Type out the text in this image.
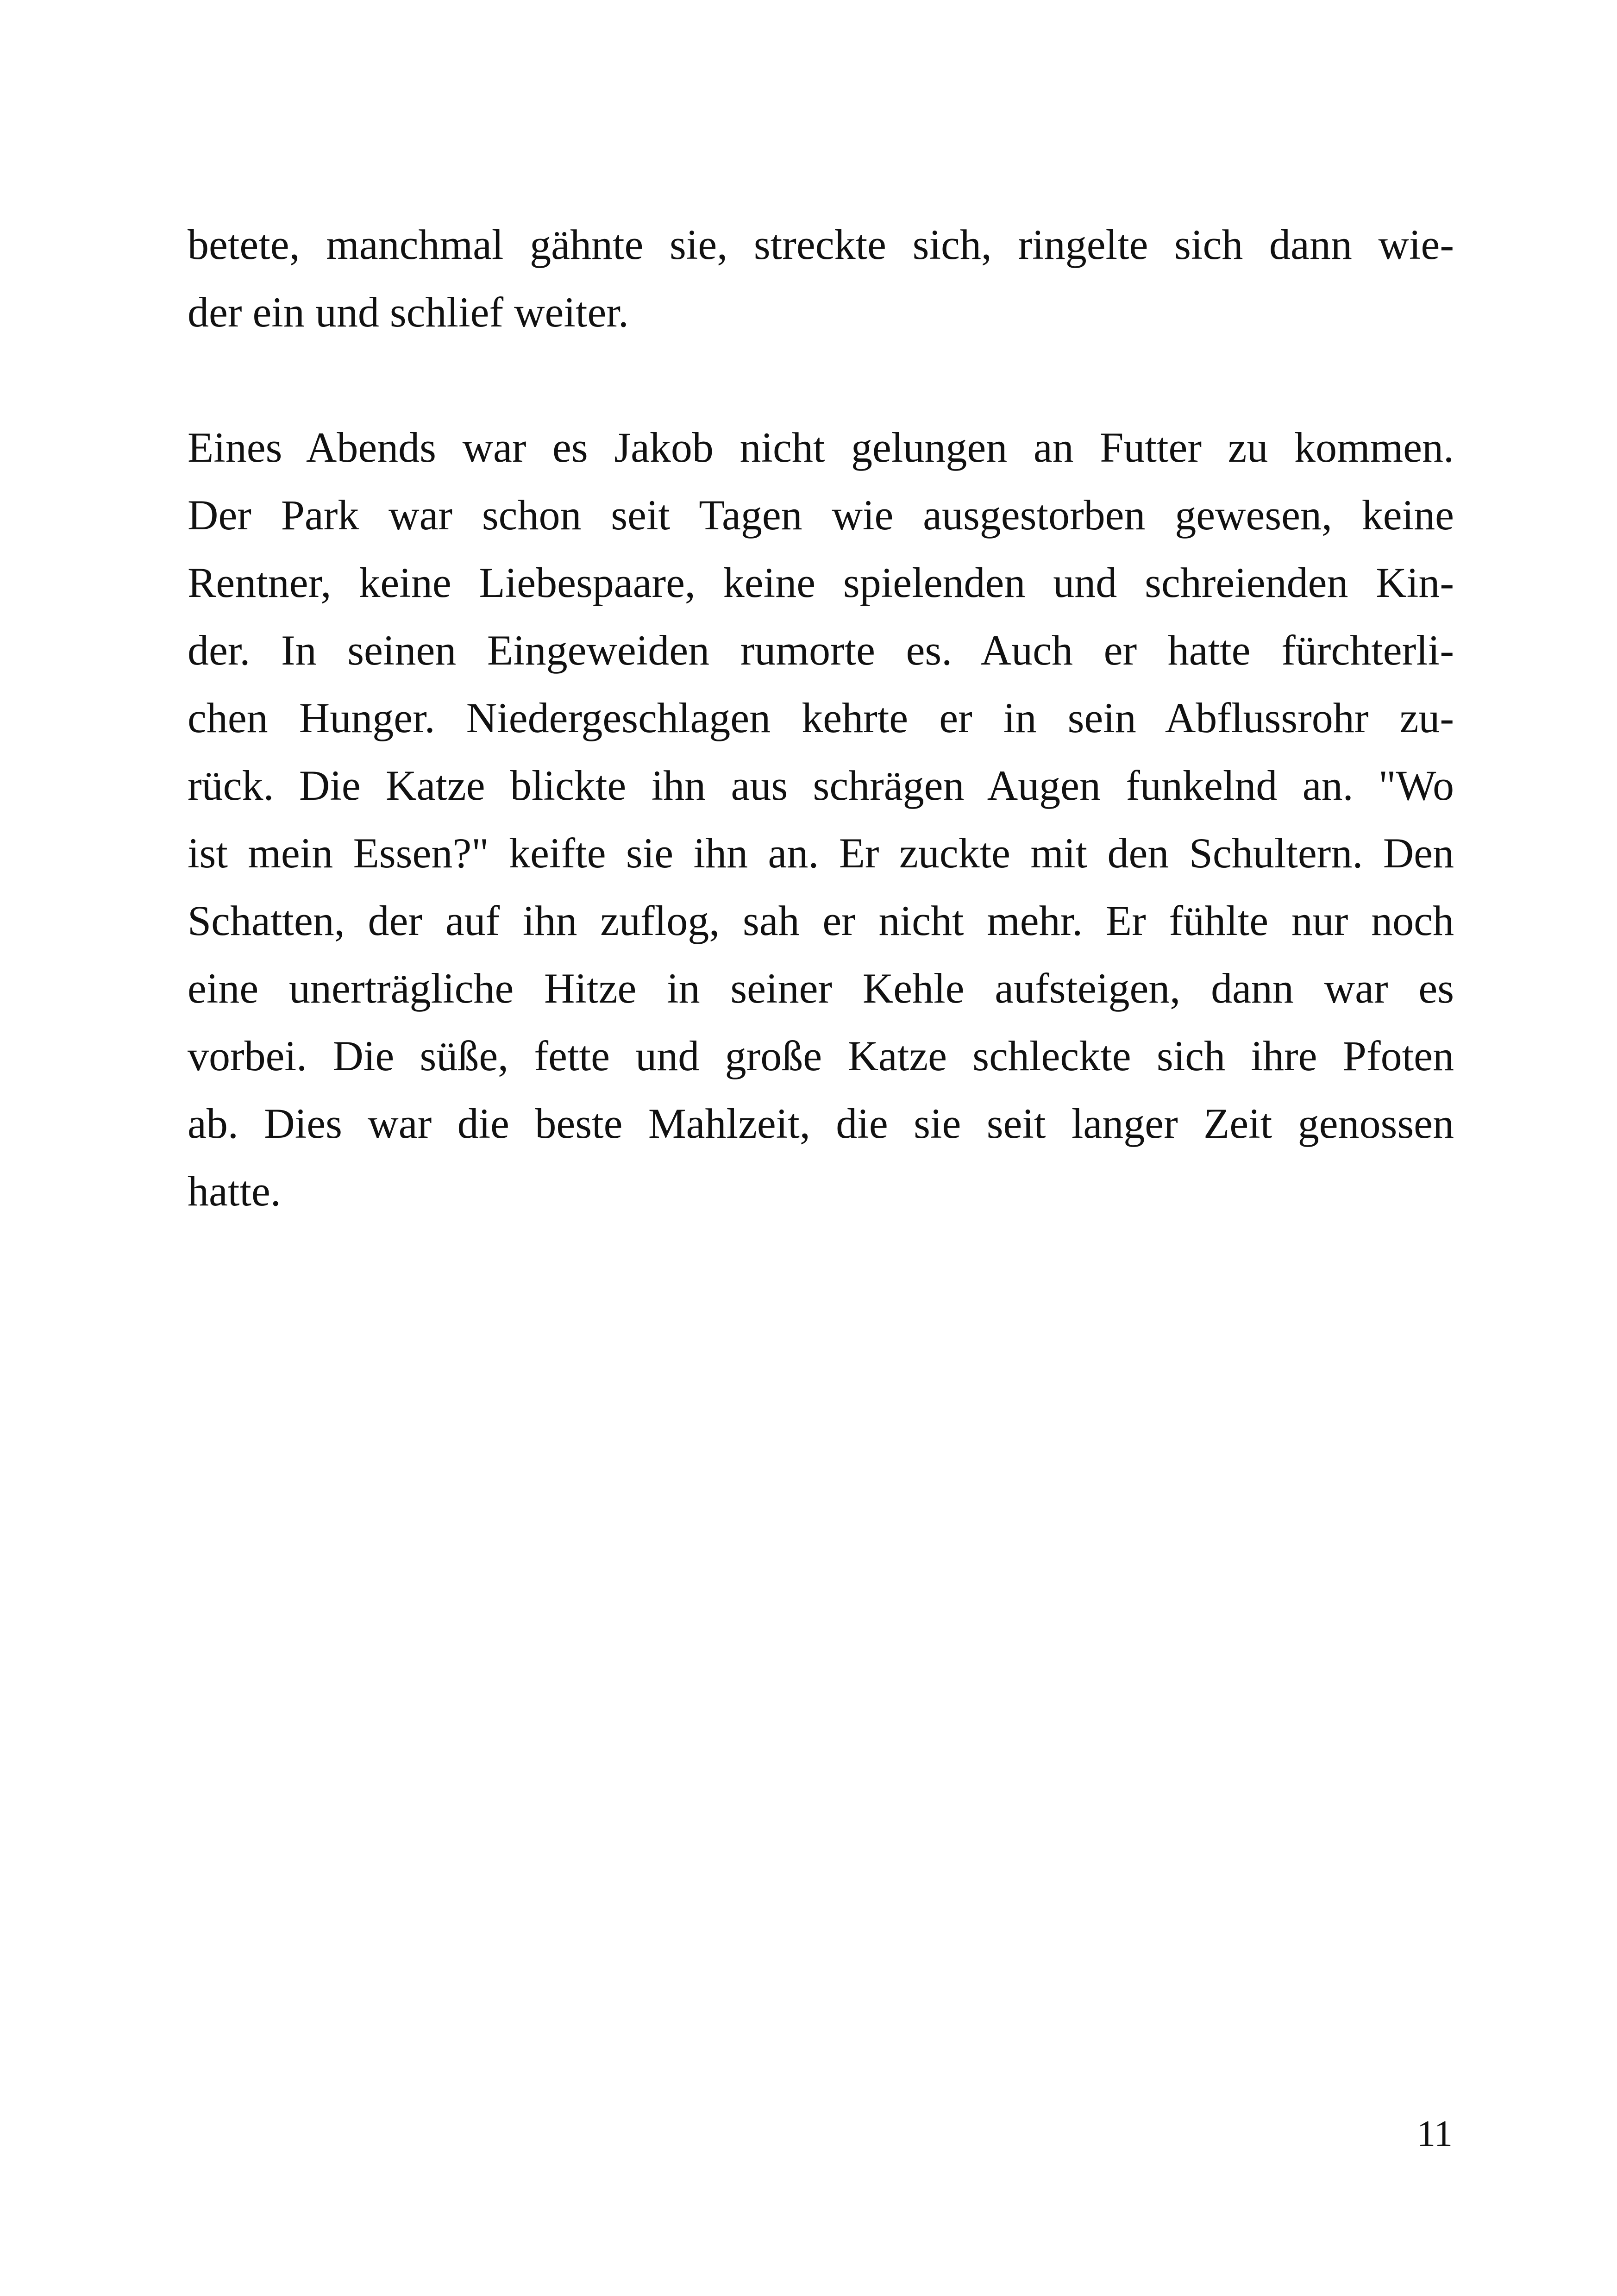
betete, manchmal gähnte sie, streckte sich, ringelte sich dann wie-
der ein und schlief weiter.
Eines Abends war es Jakob nicht gelungen an Futter zu kommen.
Der Park war schon seit Tagen wie ausgestorben gewesen, keine
Rentner, keine Liebespaare, keine spielenden und schreienden Kin-
der. In seinen Eingeweiden rumorte es. Auch er hatte fürchterli-
chen Hunger. Niedergeschlagen kehrte er in sein Abflussrohr zu-
rück. Die Katze blickte ihn aus schrägen Augen funkelnd an. "Wo
ist mein Essen?" keifte sie ihn an. Er zuckte mit den Schultern. Den
Schatten, der auf ihn zuflog, sah er nicht mehr. Er fühlte nur noch
eine unerträgliche Hitze in seiner Kehle aufsteigen, dann war es
vorbei. Die süße, fette und große Katze schleckte sich ihre Pfoten
ab. Dies war die beste Mahlzeit, die sie seit langer Zeit genossen
hatte.
11
